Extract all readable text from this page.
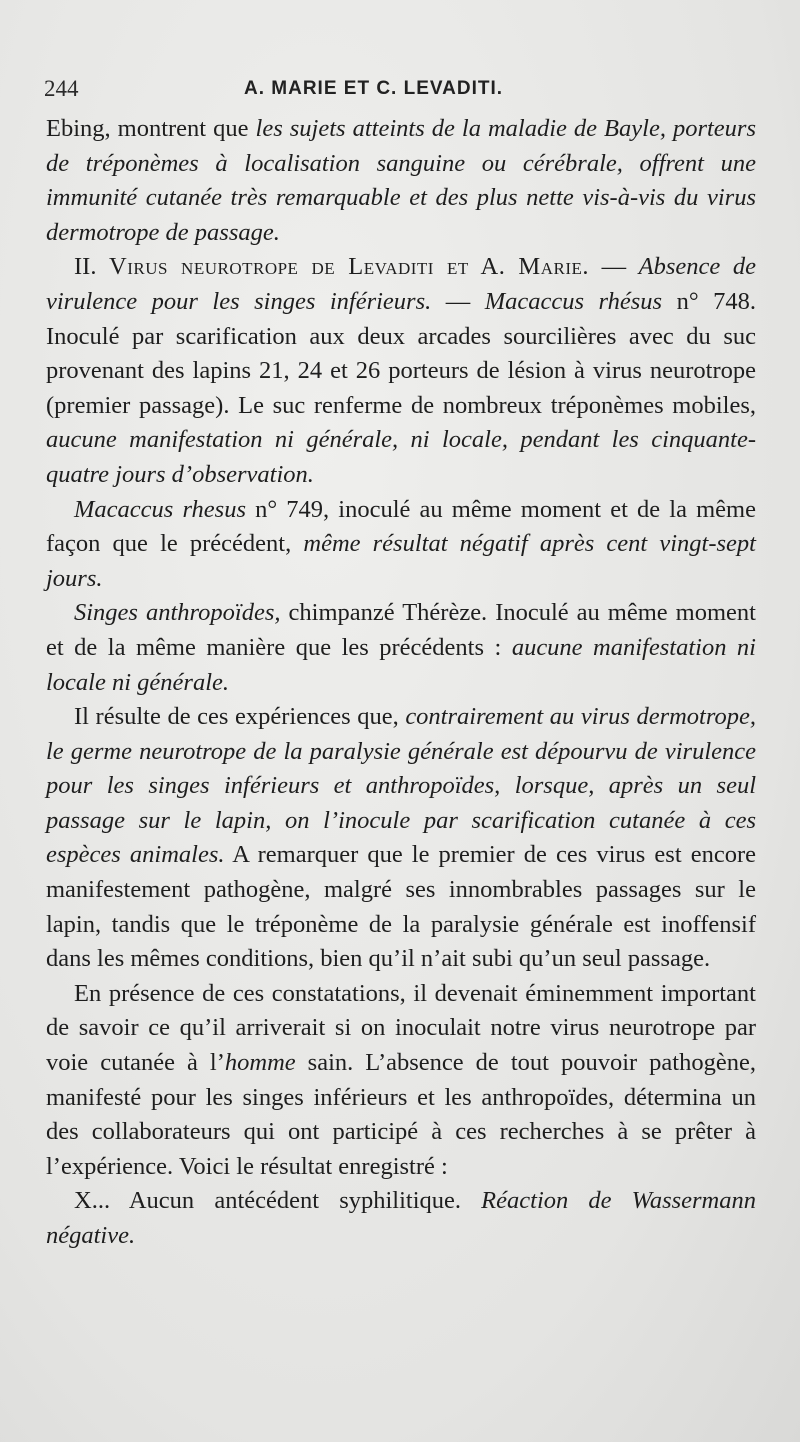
244	A. MARIE ET C. LEVADITI.

Ebing, montrent que les sujets atteints de la maladie de Bayle, porteurs de tréponèmes à localisation sanguine ou cérébrale, offrent une immunité cutanée très remarquable et des plus nette vis-à-vis du virus dermotrope de passage.

II. Virus neurotrope de Levaditi et A. Marie. — Absence de virulence pour les singes inférieurs. — Macaccus rhésus n° 748. Inoculé par scarification aux deux arcades sourcilières avec du suc provenant des lapins 21, 24 et 26 porteurs de lésion à virus neurotrope (premier passage). Le suc renferme de nombreux tréponèmes mobiles, aucune manifestation ni générale, ni locale, pendant les cinquante-quatre jours d’observation.

Macaccus rhesus n° 749, inoculé au même moment et de la même façon que le précédent, même résultat négatif après cent vingt-sept jours.

Singes anthropoïdes, chimpanzé Thérèze. Inoculé au même moment et de la même manière que les précédents : aucune manifestation ni locale ni générale.

Il résulte de ces expériences que, contrairement au virus dermotrope, le germe neurotrope de la paralysie générale est dépourvu de virulence pour les singes inférieurs et anthropoïdes, lorsque, après un seul passage sur le lapin, on l’inocule par scarification cutanée à ces espèces animales. A remarquer que le premier de ces virus est encore manifestement pathogène, malgré ses innombrables passages sur le lapin, tandis que le tréponème de la paralysie générale est inoffensif dans les mêmes conditions, bien qu’il n’ait subi qu’un seul passage.

En présence de ces constatations, il devenait éminemment important de savoir ce qu’il arriverait si on inoculait notre virus neurotrope par voie cutanée à l’homme sain. L’absence de tout pouvoir pathogène, manifesté pour les singes inférieurs et les anthropoïdes, détermina un des collaborateurs qui ont participé à ces recherches à se prêter à l’expérience. Voici le résultat enregistré :

X... Aucun antécédent syphilitique. Réaction de Wassermann négative.
